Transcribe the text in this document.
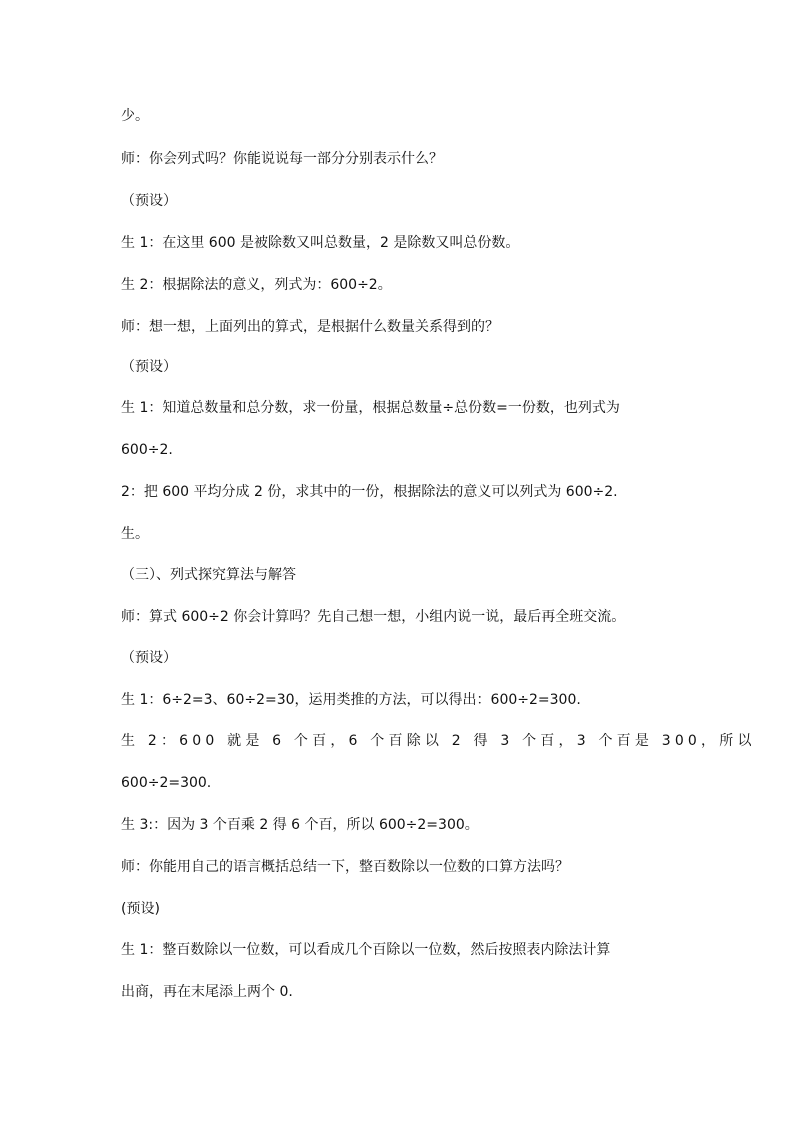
少。
师：你会列式吗？你能说说每一部分分别表示什么？
（预设）
生 1：在这里 600 是被除数又叫总数量，2 是除数又叫总份数。
生 2：根据除法的意义，列式为：600÷2。
师：想一想，上面列出的算式，是根据什么数量关系得到的？
（预设）
生 1：知道总数量和总分数，求一份量，根据总数量÷总份数=一份数，也列式为
600÷2.
2：把 600 平均分成 2 份，求其中的一份，根据除法的意义可以列式为 600÷2.
生。
（三）、列式探究算法与解答
师：算式 600÷2 你会计算吗？先自己想一想，小组内说一说，最后再全班交流。
（预设）
生 1：6÷2=3、60÷2=30，运用类推的方法，可以得出：600÷2=300.
生 2：600 就是 6 个百，6 个百除以 2 得 3 个百，3 个百是 300，所以
600÷2=300.
生 3:：因为 3 个百乘 2 得 6 个百，所以 600÷2=300。
师：你能用自己的语言概括总结一下，整百数除以一位数的口算方法吗？
(预设)
生 1：整百数除以一位数，可以看成几个百除以一位数，然后按照表内除法计算
出商，再在末尾添上两个 0.
